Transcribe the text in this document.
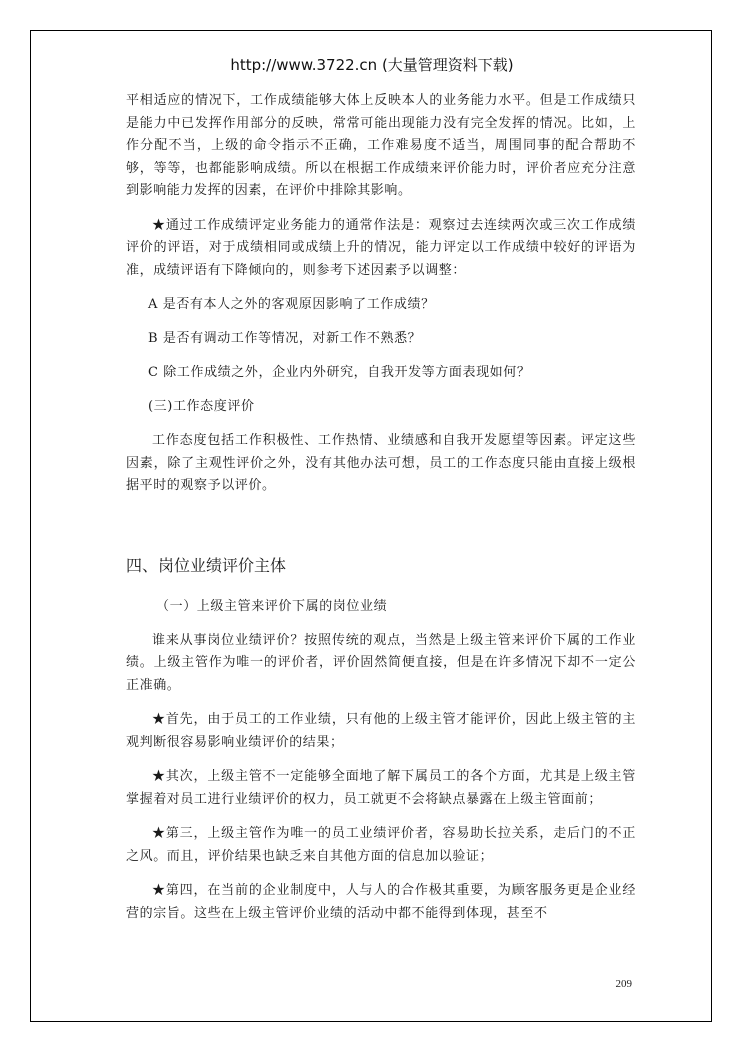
http://www.3722.cn (大量管理资料下载)

平相适应的情况下，工作成绩能够大体上反映本人的业务能力水平。但是工作成绩只是能力中已发挥作用部分的反映，常常可能出现能力没有完全发挥的情况。比如，上作分配不当，上级的命令指示不正确，工作难易度不适当，周围同事的配合帮助不够，等等，也都能影响成绩。所以在根据工作成绩来评价能力时，评价者应充分注意到影响能力发挥的因素，在评价中排除其影响。

★通过工作成绩评定业务能力的通常作法是：观察过去连续两次或三次工作成绩评价的评语，对于成绩相同或成绩上升的情况，能力评定以工作成绩中较好的评语为准，成绩评语有下降倾向的，则参考下述因素予以调整：

A 是否有本人之外的客观原因影响了工作成绩？
B 是否有调动工作等情况，对新工作不熟悉？
C 除工作成绩之外，企业内外研究，自我开发等方面表现如何？
(三)工作态度评价

工作态度包括工作积极性、工作热情、业绩感和自我开发愿望等因素。评定这些因素，除了主观性评价之外，没有其他办法可想，员工的工作态度只能由直接上级根据平时的观察予以评价。

四、岗位业绩评价主体
（一）上级主管来评价下属的岗位业绩

谁来从事岗位业绩评价？按照传统的观点，当然是上级主管来评价下属的工作业绩。上级主管作为唯一的评价者，评价固然简便直接，但是在许多情况下却不一定公正准确。

★首先，由于员工的工作业绩，只有他的上级主管才能评价，因此上级主管的主观判断很容易影响业绩评价的结果；

★其次，上级主管不一定能够全面地了解下属员工的各个方面，尤其是上级主管掌握着对员工进行业绩评价的权力，员工就更不会将缺点暴露在上级主管面前；

★第三，上级主管作为唯一的员工业绩评价者，容易助长拉关系，走后门的不正之风。而且，评价结果也缺乏来自其他方面的信息加以验证；

★第四，在当前的企业制度中，人与人的合作极其重要，为顾客服务更是企业经营的宗旨。这些在上级主管评价业绩的活动中都不能得到体现，甚至不

209
